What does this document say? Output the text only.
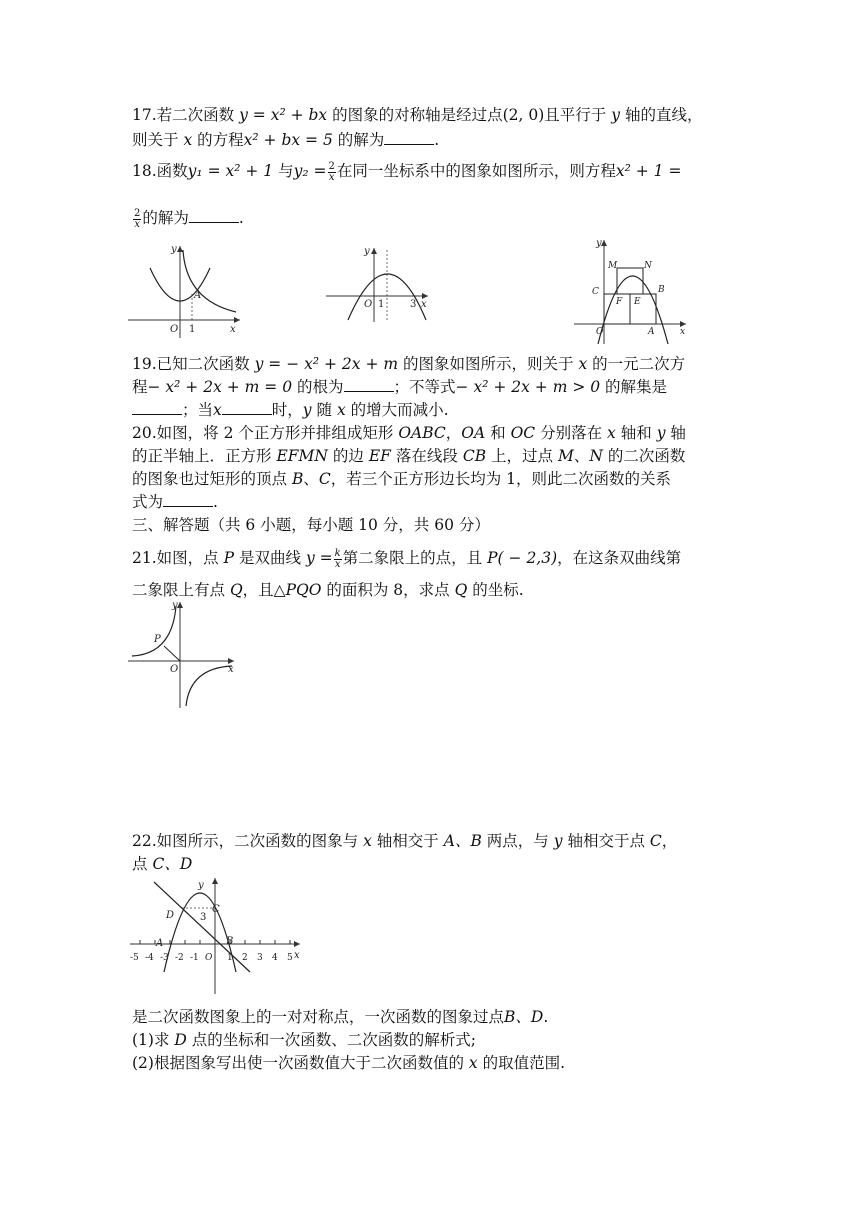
17.若二次函数 y = x² + bx 的图象的对称轴是经过点(2, 0)且平行于 y 轴的直线，
则关于 x 的方程x² + bx = 5 的解为	.
18.函数y₁ = x² + 1 与$y_2 = \frac{2}{x}$ 在同一坐标系中的图象如图所示，则方程x² + 1 =
$\frac{2}{x}$ 的解为	.
y
A
O 1	x
y
O 1	3 x
y
M	N
C
F E
B
O	A	x
19.已知二次函数 y = − x² + 2x + m 的图象如图所示，则关于 x 的一元二次方
程− x² + 2x + m = 0 的根为	；不等式− x² + 2x + m > 0 的解集是
；当x	时，y 随 x 的增大而减小.
20.如图，将 2 个正方形并排组成矩形 OABC，OA 和 OC 分别落在 x 轴和 y 轴
的正半轴上．正方形 EFMN 的边 EF 落在线段 CB 上，过点 M、N 的二次函数
的图象也过矩形的顶点 B、C，若三个正方形边长均为 1，则此二次函数的关系
式为	.
三、解答题（共 6 小题，每小题 10 分，共 60 分）
21.如图，点 P 是双曲线 $y = \frac{k}{x}$ 第二象限上的点，且 P( − 2,3)，在这条双曲线第
二象限上有点 Q，且△PQO 的面积为 8，求点 Q 的坐标.
y
P
O	x
22.如图所示，二次函数的图象与 x 轴相交于 A、B 两点，与 y 轴相交于点 C，
点 C、D
y
D	3
C
A	B
x
-5 -4 -3 -2 -1 O 1 2 3 4 5
是二次函数图象上的一对对称点，一次函数的图象过点B、D.
(1)求 D 点的坐标和一次函数、二次函数的解析式;
(2)根据图象写出使一次函数值大于二次函数值的 x 的取值范围.
